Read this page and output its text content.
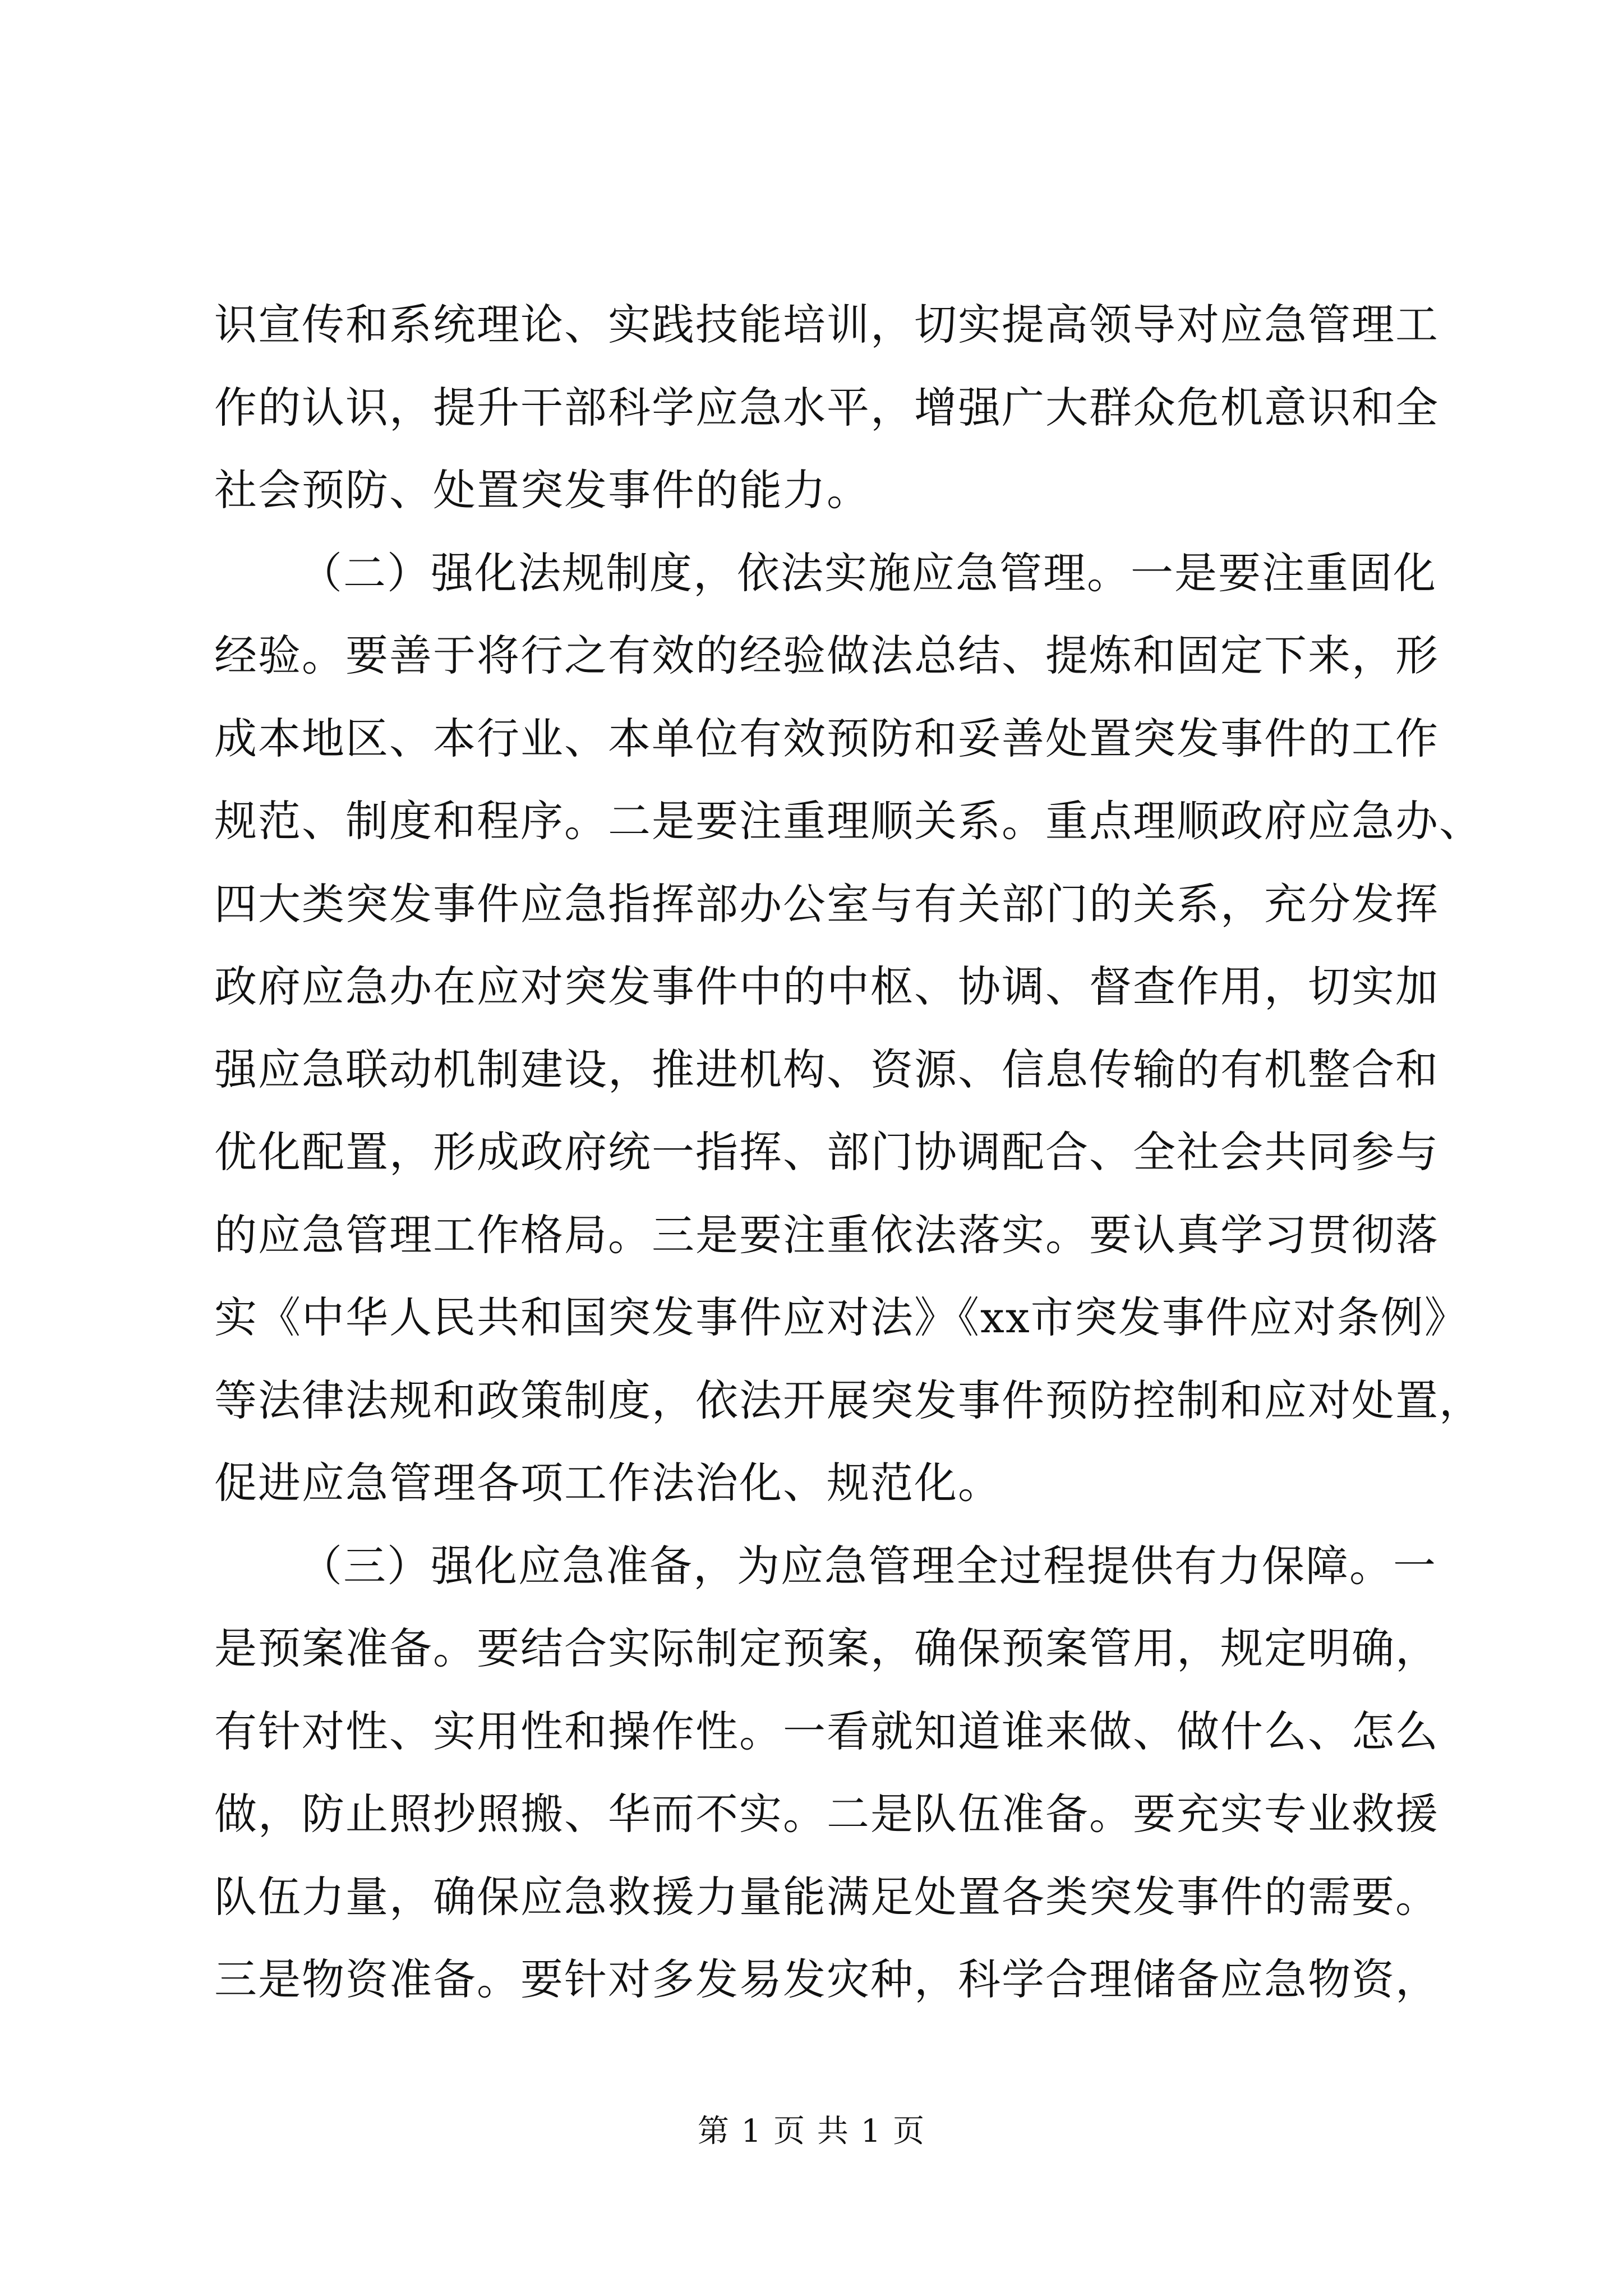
识宣传和系统理论、实践技能培训，切实提高领导对应急管理工
作的认识，提升干部科学应急水平，增强广大群众危机意识和全
社会预防、处置突发事件的能力。
（二）强化法规制度，依法实施应急管理。一是要注重固化
经验。要善于将行之有效的经验做法总结、提炼和固定下来，形
成本地区、本行业、本单位有效预防和妥善处置突发事件的工作
规范、制度和程序。二是要注重理顺关系。重点理顺政府应急办、
四大类突发事件应急指挥部办公室与有关部门的关系，充分发挥
政府应急办在应对突发事件中的中枢、协调、督查作用，切实加
强应急联动机制建设，推进机构、资源、信息传输的有机整合和
优化配置，形成政府统一指挥、部门协调配合、全社会共同参与
的应急管理工作格局。三是要注重依法落实。要认真学习贯彻落
实《中华人民共和国突发事件应对法》《xx市突发事件应对条例》
等法律法规和政策制度，依法开展突发事件预防控制和应对处置，
促进应急管理各项工作法治化、规范化。
（三）强化应急准备，为应急管理全过程提供有力保障。一
是预案准备。要结合实际制定预案，确保预案管用，规定明确，
有针对性、实用性和操作性。一看就知道谁来做、做什么、怎么
做，防止照抄照搬、华而不实。二是队伍准备。要充实专业救援
队伍力量，确保应急救援力量能满足处置各类突发事件的需要。
三是物资准备。要针对多发易发灾种，科学合理储备应急物资，
第 1 页 共 1 页
